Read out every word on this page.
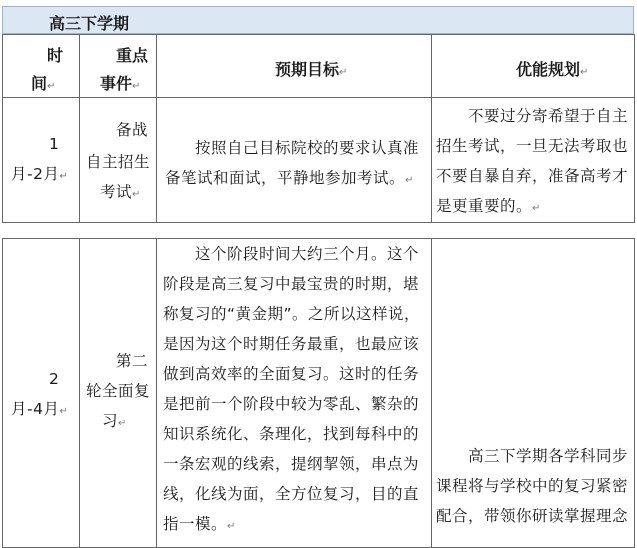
高三下学期
时
间↵
重点
事件↵
预期目标↵	优能规划↵
1
月-2月↵
备战
自主招生
考试↵
按照自己目标院校的要求认真准
备笔试和面试，平静地参加考试。↵
不要过分寄希望于自主
招生考试，一旦无法考取也
不要自暴自弃，准备高考才
是更重要的。↵
2
月-4月↵
第二
轮全面复
习↵
这个阶段时间大约三个月。这个
阶段是高三复习中最宝贵的时期，堪
称复习的“黄金期”。之所以这样说，
是因为这个时期任务最重，也最应该
做到高效率的全面复习。这时的任务
是把前一个阶段中较为零乱、繁杂的
知识系统化、条理化，找到每科中的
一条宏观的线索，提纲挈领，串点为
线，化线为面，全方位复习，目的直
指一模。↵
高三下学期各学科同步
课程将与学校中的复习紧密
配合，带领你研读掌握理念
